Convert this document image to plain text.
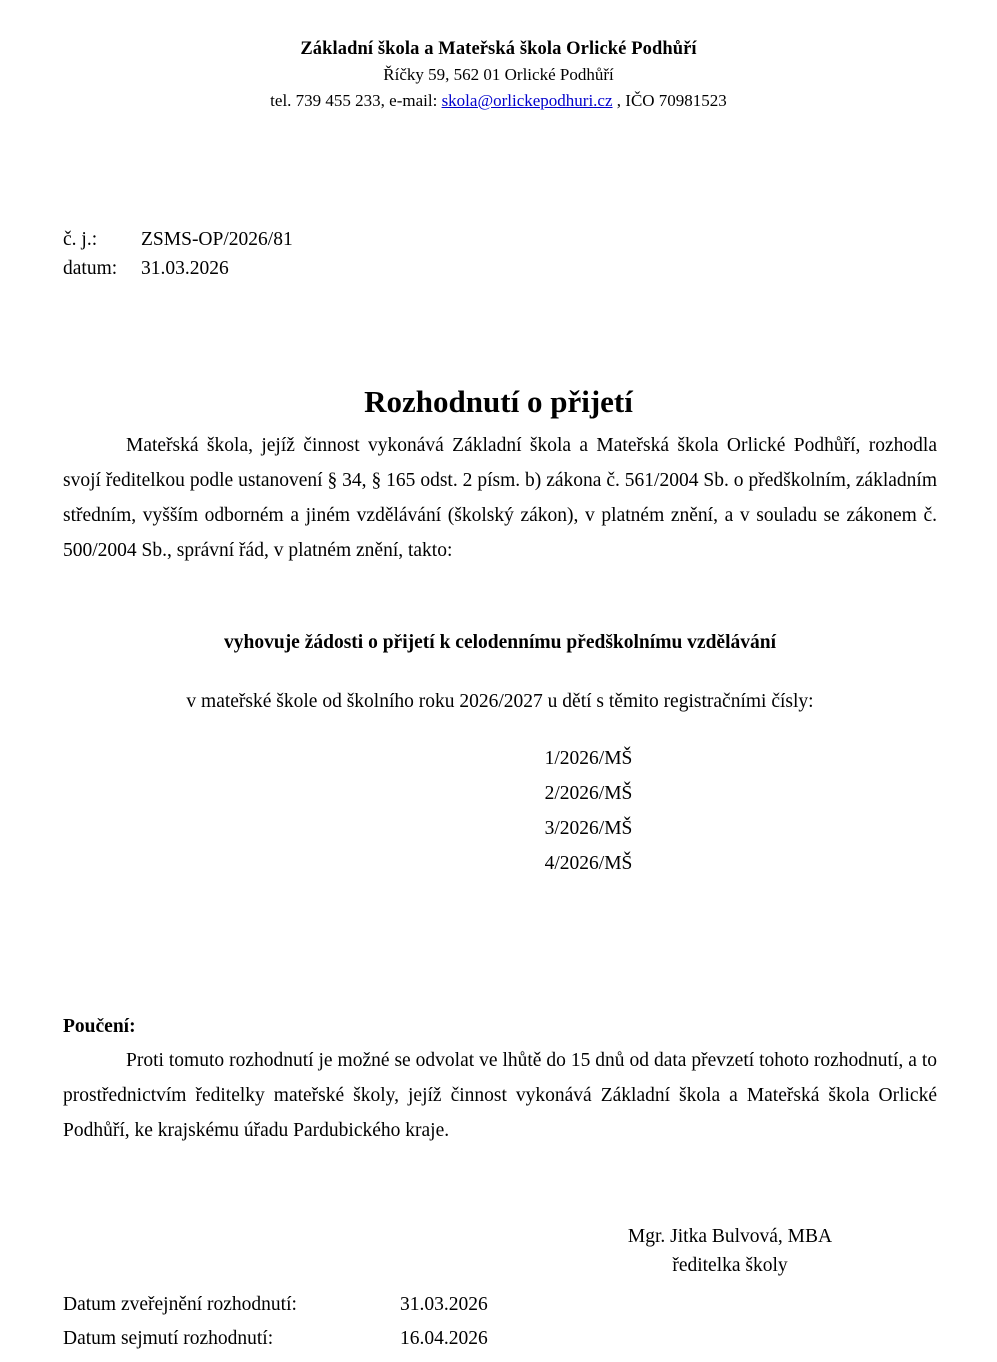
Základní škola a Mateřská škola Orlické Podhůří
Říčky 59, 562 01 Orlické Podhůří
tel. 739 455 233, e-mail: skola@orlickepodhuri.cz , IČO 70981523
č. j.: ZSMS-OP/2026/81
datum: 31.03.2026
Rozhodnutí o přijetí

Mateřská škola, jejíž činnost vykonává Základní škola a Mateřská škola Orlické Podhůří, rozhodla svojí ředitelkou podle ustanovení § 34, § 165 odst. 2 písm. b) zákona č. 561/2004 Sb. o předškolním, základním středním, vyšším odborném a jiném vzdělávání (školský zákon), v platném znění, a v souladu se zákonem č. 500/2004 Sb., správní řád, v platném znění, takto:

vyhovuje žádosti o přijetí k celodennímu předškolnímu vzdělávání
v mateřské škole od školního roku 2026/2027 u dětí s těmito registračními čísly:
1/2026/MŠ
2/2026/MŠ
3/2026/MŠ
4/2026/MŠ
Poučení:

Proti tomuto rozhodnutí je možné se odvolat ve lhůtě do 15 dnů od data převzetí tohoto rozhodnutí, a to prostřednictvím ředitelky mateřské školy, jejíž činnost vykonává Základní škola a Mateřská škola Orlické Podhůří, ke krajskému úřadu Pardubického kraje.

Mgr. Jitka Bulvová, MBA
ředitelka školy
Datum zveřejnění rozhodnutí:	31.03.2026
Datum sejmutí rozhodnutí:	16.04.2026
